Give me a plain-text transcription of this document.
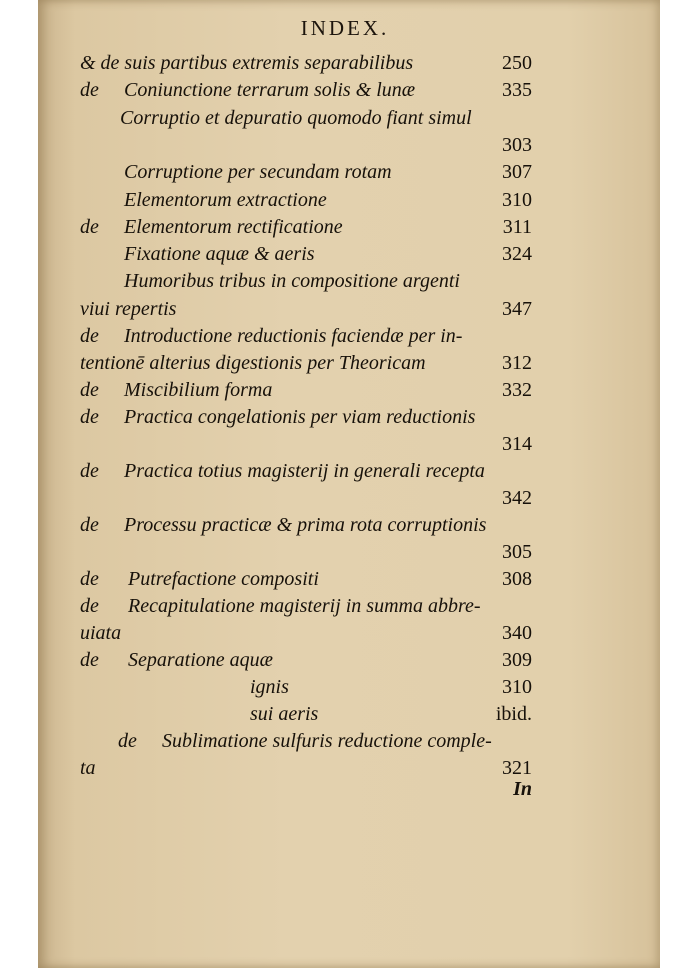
INDEX.
& de suis partibus extremis separabilibus	250
de Coniunctione terrarum solis & lunæ	335
Corruptio et depuratio quomodo fiant simul
303
Corruptione per secundam rotam	307
Elementorum extractione	310
de Elementorum rectificatione	311
Fixatione aquæ & aeris	324
Humoribus tribus in compositione argenti
viui repertis	347
de Introductione reductionis faciendæ per in-
tentionē alterius digestionis per Theoricam	312
de Miscibilium forma	332
de Practica congelationis per viam reductionis
314
de Practica totius magisterij in generali recepta
342
de Processu practicæ & prima rota corruptionis
305
de Putrefactione compositi	308
de Recapitulatione magisterij in summa abbre-
uiata	340
de Separatione aquæ	309
ignis	310
sui aeris	ibid.
de Sublimatione sulfuris reductione comple-
ta	321
In
